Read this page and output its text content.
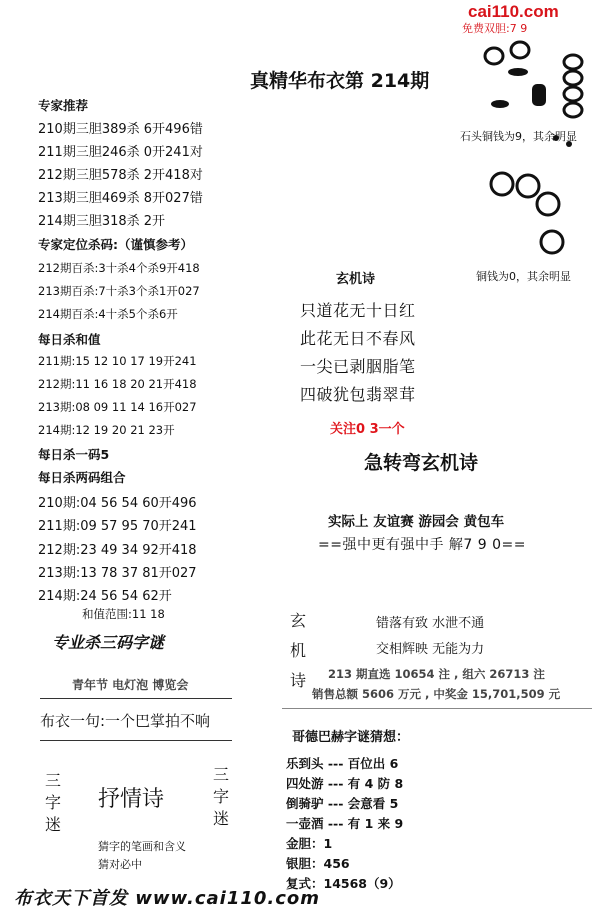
cai110.com
免费双胆:7 9
真精华布衣第 214期
石头铜钱为9，其余明显
铜钱为0，其余明显
专家推荐
210期三胆389杀 6开496错
211期三胆246杀 0开241对
212期三胆578杀 2开418对
213期三胆469杀 8开027错
214期三胆318杀 2开
专家定位杀码:（谨慎参考）
212期百杀:3十杀4个杀9开418
213期百杀:7十杀3个杀1开027
214期百杀:4十杀5个杀6开
每日杀和值
211期:15 12 10 17 19开241
212期:11 16 18 20 21开418
213期:08 09 11 14 16开027
214期:12 19 20 21 23开
每日杀一码5
每日杀两码组合
210期:04 56 54 60开496
211期:09 57 95 70开241
212期:23 49 34 92开418
213期:13 78 37 81开027
214期:24 56 54 62开
和值范围:11 18
专业杀三码字谜
青年节 电灯泡 博览会
布衣一句:一个巴掌拍不响
三字迷
抒情诗
三字迷
猜字的笔画和含义
猜对必中
玄机诗
只道花无十日红
此花无日不春风
一尖已剥胭脂笔
四破犹包翡翠茸
关注0 3一个
急转弯玄机诗
实际上 友谊赛 游园会 黄包车
==强中更有强中手 解7 9 0==
玄机诗
错落有致 水泄不通
交相辉映 无能为力
213 期直选 10654 注 , 组六 26713 注
销售总额 5606 万元 , 中奖金 15,701,509 元
哥德巴赫字谜猜想：
乐到头 --- 百位出 6
四处游 --- 有 4 防 8
倒骑驴 --- 会意看 5
一壶酒 --- 有 1 来 9
金胆：1
银胆：456
复式：14568（9）
布衣天下首发 www.cai110.com
